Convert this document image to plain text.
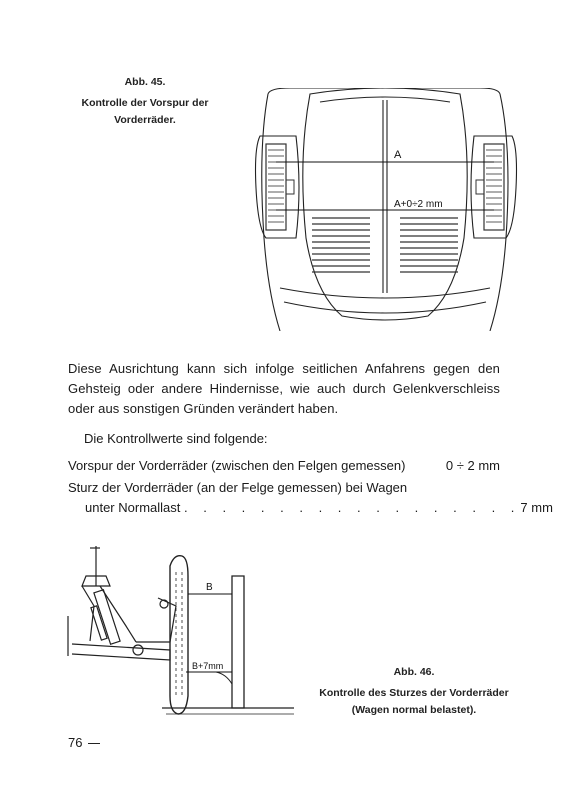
Abb. 45.
Kontrolle der Vorspur der Vorderräder.
A
A+0÷2 mm
Diese Ausrichtung kann sich infolge seitlichen Anfahrens gegen den Gehsteig oder andere Hindernisse, wie auch durch Gelenkverschleiss oder aus sonstigen Gründen verändert haben.
Die Kontrollwerte sind folgende:
Vorspur der Vorderräder (zwischen den Felgen gemessen)	0 ÷ 2 mm
Sturz der Vorderräder (an der Felge gemessen) bei Wagen
unter Normallast . . . . . . . . . . . . . . . . . . 7 mm
B
B+7mm	Abb. 46.
Kontrolle des Sturzes der Vorderräder (Wagen normal belastet).
76
